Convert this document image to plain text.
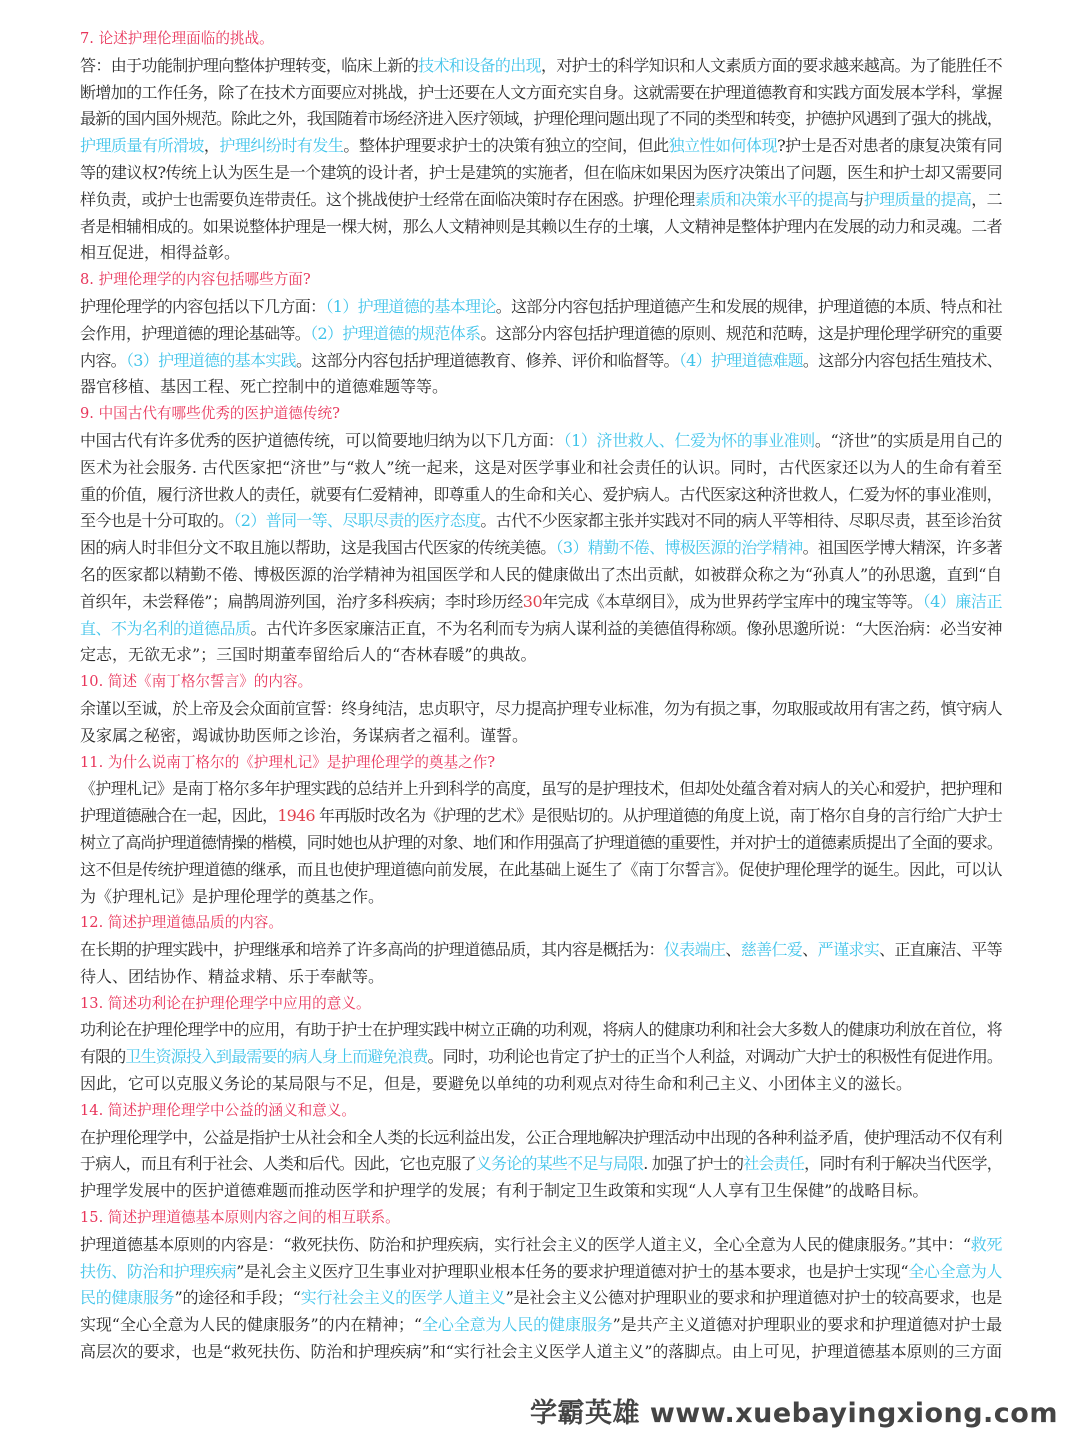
7. 论述护理伦理面临的挑战。
答：由于功能制护理向整体护理转变，临床上新的技术和设备的出现，对护士的科学知识和人文素质方面的要求越来越高。为了能胜任不
断增加的工作任务，除了在技术方面要应对挑战，护士还要在人文方面充实自身。这就需要在护理道德教育和实践方面发展本学科，掌握
最新的国内国外规范。除此之外，我国随着市场经济进入医疗领域，护理伦理问题出现了不同的类型和转变，护德护风遇到了强大的挑战，
护理质量有所滑坡，护理纠纷时有发生。整体护理要求护士的决策有独立的空间，但此独立性如何体现?护士是否对患者的康复决策有同
等的建议权?传统上认为医生是一个建筑的设计者，护士是建筑的实施者，但在临床如果因为医疗决策出了问题，医生和护士却又需要同
样负责，或护士也需要负连带责任。这个挑战使护士经常在面临决策时存在困惑。护理伦理素质和决策水平的提高与护理质量的提高，二
者是相辅相成的。如果说整体护理是一棵大树，那么人文精神则是其赖以生存的土壤，人文精神是整体护理内在发展的动力和灵魂。二者
相互促进，相得益彰。
8. 护理伦理学的内容包括哪些方面?
护理伦理学的内容包括以下几方面：（1）护理道德的基本理论。这部分内容包括护理道德产生和发展的规律，护理道德的本质、特点和社
会作用，护理道德的理论基础等。（2）护理道德的规范体系。这部分内容包括护理道德的原则、规范和范畴，这是护理伦理学研究的重要
内容。（3）护理道德的基本实践。这部分内容包括护理道德教育、修养、评价和临督等。（4）护理道德难题。这部分内容包括生殖技术、
器官移植、基因工程、死亡控制中的道德难题等等。
9. 中国古代有哪些优秀的医护道德传统?
中国古代有许多优秀的医护道德传统，可以简要地归纳为以下几方面：（1）济世救人、仁爱为怀的事业准则。“济世”的实质是用自己的
医术为社会服务. 古代医家把“济世”与“救人”统一起来，这是对医学事业和社会责任的认识。同时，古代医家还以为人的生命有着至
重的价值，履行济世救人的责任，就要有仁爱精神，即尊重人的生命和关心、爱护病人。古代医家这种济世救人，仁爱为怀的事业准则，
至今也是十分可取的。（2）普同一等、尽职尽责的医疗态度。古代不少医家都主张并实践对不同的病人平等相待、尽职尽责，甚至诊治贫
困的病人时非但分文不取且施以帮助，这是我国古代医家的传统美德。（3）精勤不倦、博极医源的治学精神。祖国医学博大精深，许多著
名的医家都以精勤不倦、博极医源的治学精神为祖国医学和人民的健康做出了杰出贡献，如被群众称之为“孙真人”的孙思邈，直到“自
首织年，未尝释倦”；扁鹊周游列国，治疗多科疾病；李时珍历经30年完成《本草纲目》，成为世界药学宝库中的瑰宝等等。（4）廉洁正
直、不为名利的道德品质。古代许多医家廉洁正直，不为名利而专为病人谋利益的美德值得称颂。像孙思邈所说：“大医治病：必当安神
定志，无欲无求”；三国时期董奉留给后人的“杏林春暖”的典故。
10. 简述《南丁格尔誓言》的内容。
余谨以至诚，於上帝及会众面前宣誓：终身纯洁，忠贞职守，尽力提高护理专业标准，勿为有损之事，勿取服或故用有害之药，慎守病人
及家属之秘密，竭诚协助医师之诊治，务谋病者之福利。谨誓。
11. 为什么说南丁格尔的《护理札记》是护理伦理学的奠基之作?
《护理札记》是南丁格尔多年护理实践的总结并上升到科学的高度，虽写的是护理技术，但却处处蕴含着对病人的关心和爱护，把护理和
护理道德融合在一起，因此，1946 年再版时改名为《护理的艺术》是很贴切的。从护理道德的角度上说，南丁格尔自身的言行给广大护士
树立了高尚护理道德情操的楷模，同时她也从护理的对象、地们和作用强高了护理道德的重要性，并对护士的道德素质提出了全面的要求。
这不但是传统护理道德的继承，而且也使护理道德向前发展，在此基础上诞生了《南丁尔誓言》。促使护理伦理学的诞生。因此，可以认
为《护理札记》是护理伦理学的奠基之作。
12. 简述护理道德品质的内容。
在长期的护理实践中，护理继承和培养了许多高尚的护理道德品质，其内容是概括为：仪表端庄、慈善仁爱、严谨求实、正直廉洁、平等
待人、团结协作、精益求精、乐于奉献等。
13. 简述功利论在护理伦理学中应用的意义。
功利论在护理伦理学中的应用，有助于护士在护理实践中树立正确的功利观，将病人的健康功利和社会大多数人的健康功利放在首位，将
有限的卫生资源投入到最需要的病人身上而避免浪费。同时，功利论也肯定了护士的正当个人利益，对调动广大护士的积极性有促进作用。
因此，它可以克服义务论的某局限与不足，但是，要避免以单纯的功利观点对待生命和利己主义、小团体主义的滋长。
14. 简述护理伦理学中公益的涵义和意义。
在护理伦理学中，公益是指护士从社会和全人类的长远利益出发，公正合理地解决护理活动中出现的各种利益矛盾，使护理活动不仅有利
于病人，而且有利于社会、人类和后代。因此，它也克服了义务论的某些不足与局限. 加强了护士的社会责任，同时有利于解决当代医学，
护理学发展中的医护道德难题而推动医学和护理学的发展；有利于制定卫生政策和实现“人人享有卫生保健”的战略目标。
15. 简述护理道德基本原则内容之间的相互联系。
护理道德基本原则的内容是：“救死扶伤、防治和护理疾病，实行社会主义的医学人道主义，全心全意为人民的健康服务。”其中：“救死
扶伤、防治和护理疾病”是礼会主义医疗卫生事业对护理职业根本任务的要求护理道德对护士的基本要求，也是护士实现“全心全意为人
民的健康服务”的途径和手段；“实行社会主义的医学人道主义”是社会主义公德对护理职业的要求和护理道德对护士的较高要求，也是
实现“全心全意为人民的健康服务”的内在精神；“全心全意为人民的健康服务”是共产主义道德对护理职业的要求和护理道德对护士最
高层次的要求，也是“救死扶伤、防治和护理疾病”和“实行社会主义医学人道主义”的落脚点。由上可见，护理道德基本原则的三方面
学霸英雄 www.xuebayingxiong.com
